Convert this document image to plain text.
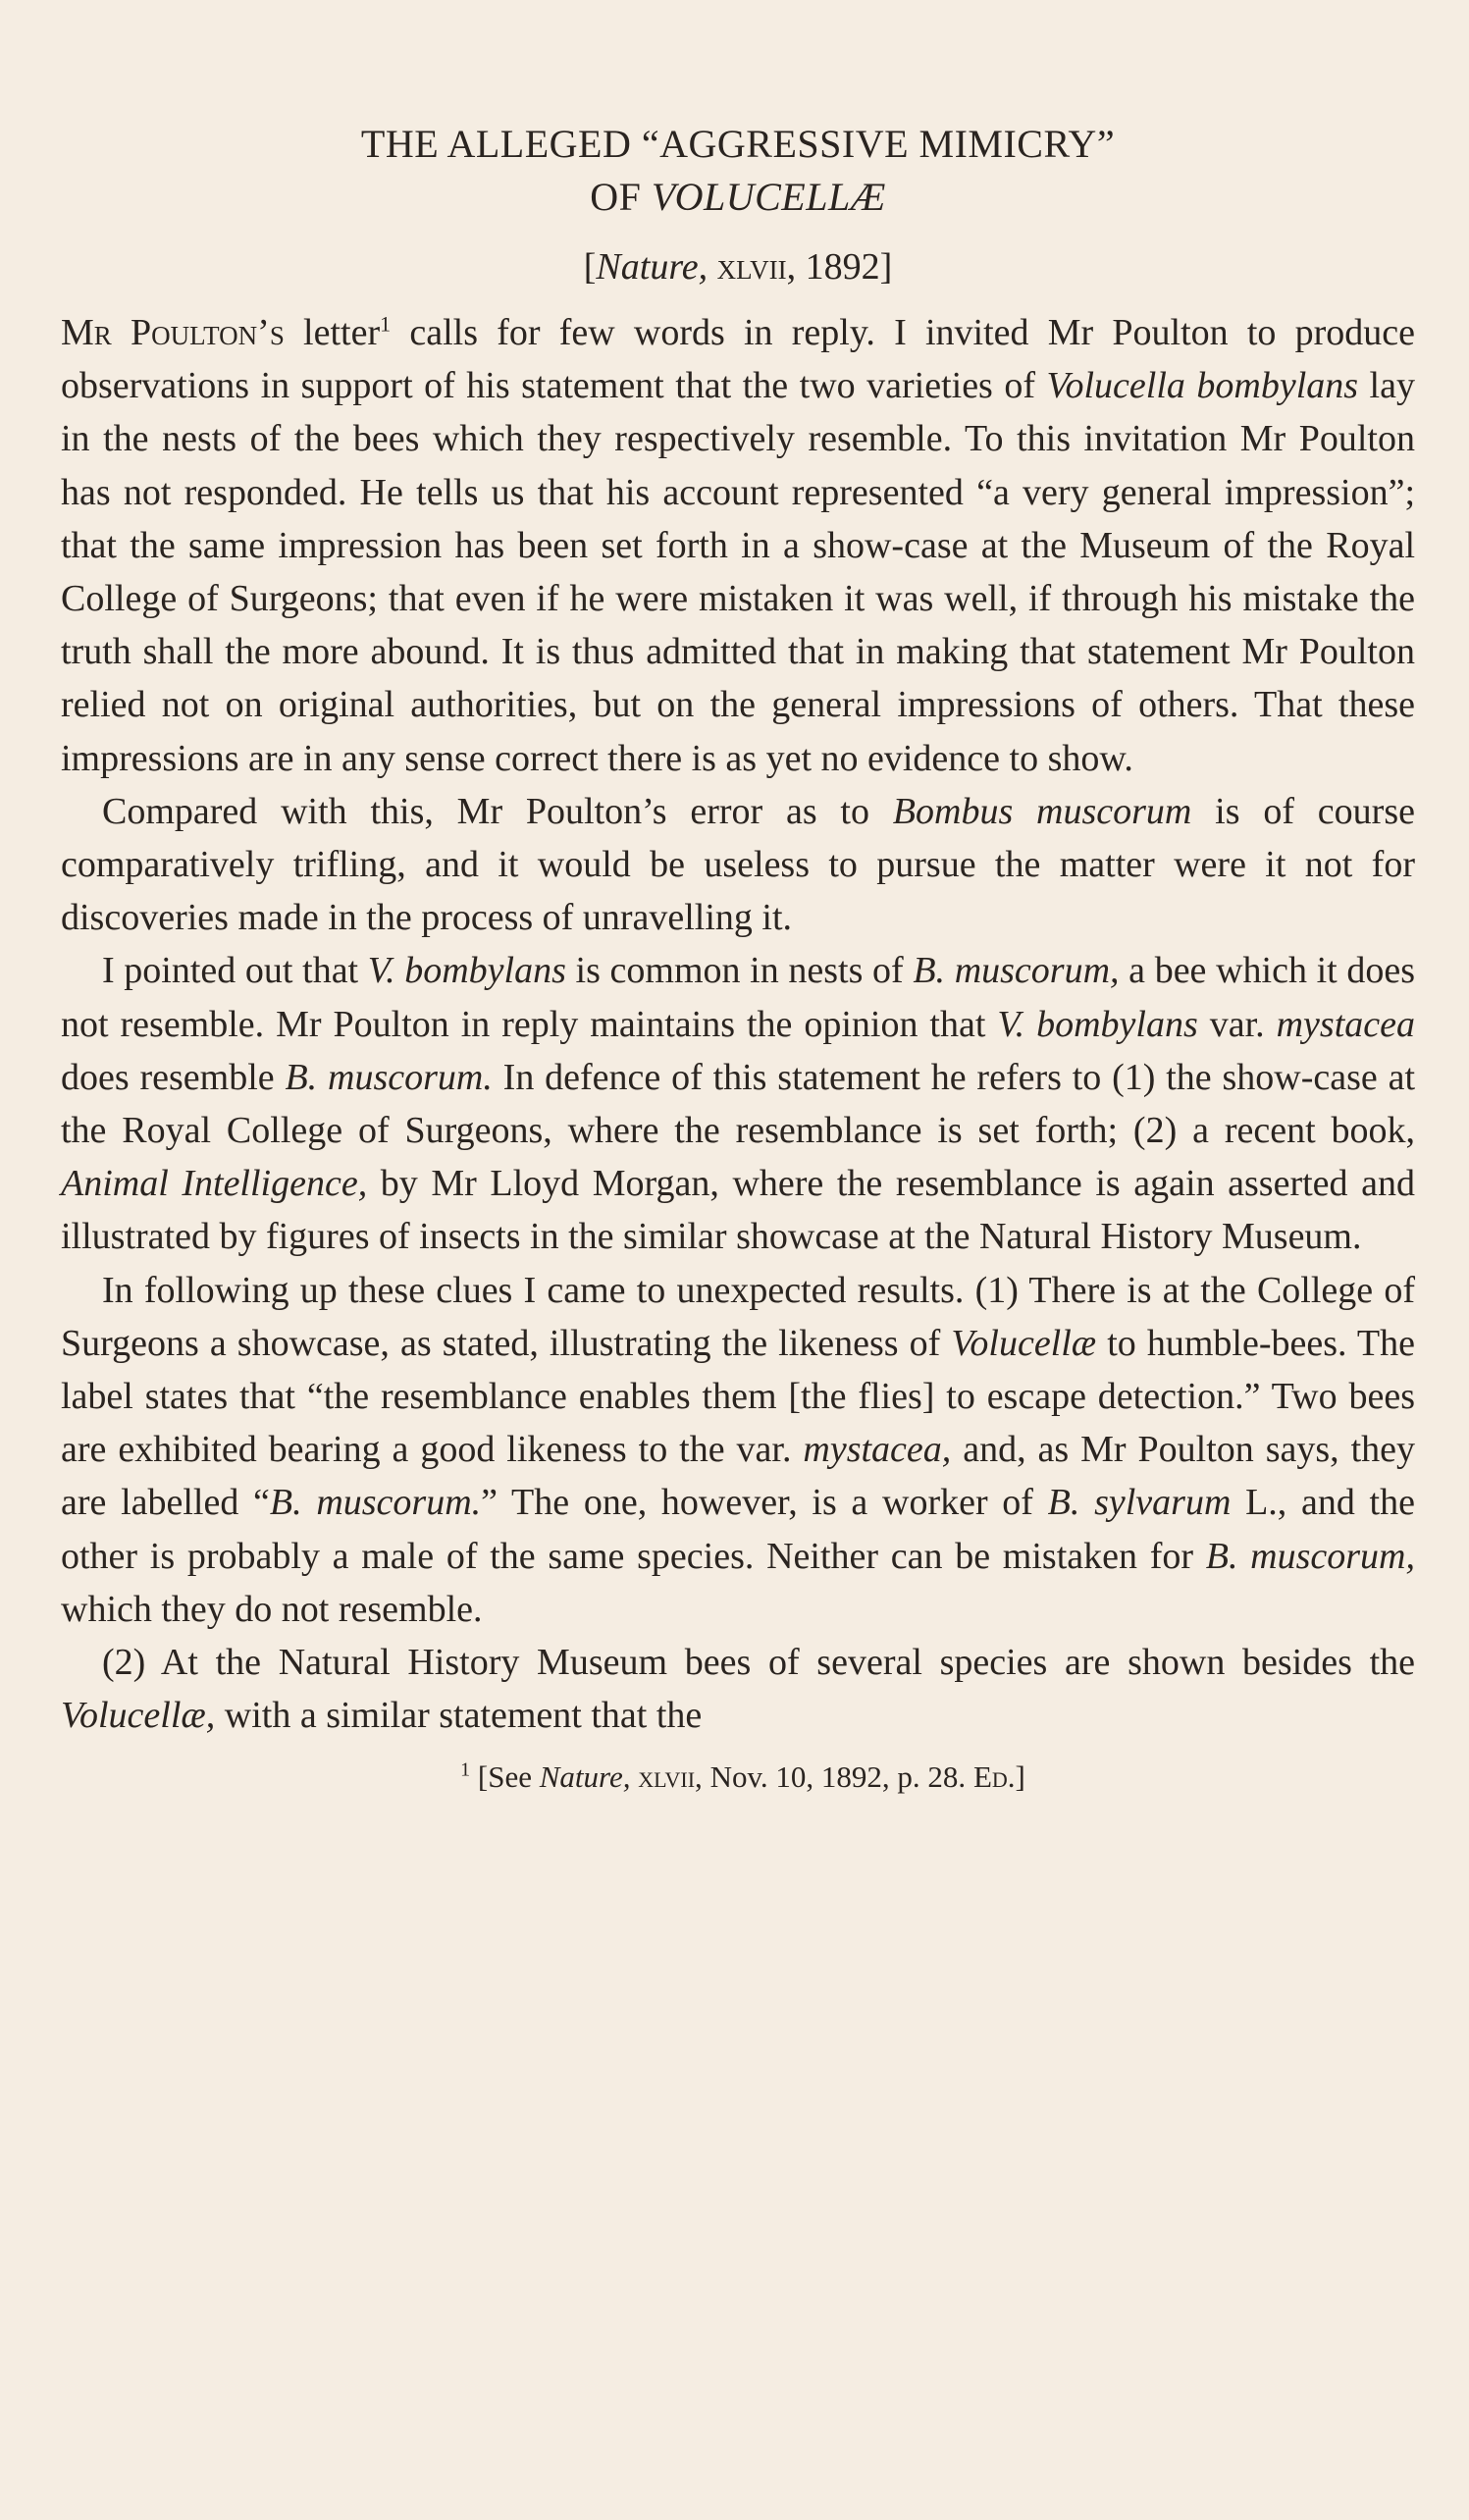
THE ALLEGED “AGGRESSIVE MIMICRY”
OF VOLUCELLÆ
[Nature, xlvii, 1892]

Mr Poulton’s letter$^1$ calls for few words in reply. I invited Mr Poulton to produce observations in support of his statement that the two varieties of Volucella bombylans lay in the nests of the bees which they respectively resemble. To this invitation Mr Poulton has not responded. He tells us that his account represented “a very general impression”; that the same impression has been set forth in a show-case at the Museum of the Royal College of Surgeons; that even if he were mistaken it was well, if through his mistake the truth shall the more abound. It is thus admitted that in making that statement Mr Poulton relied not on original authorities, but on the general impressions of others. That these impressions are in any sense correct there is as yet no evidence to show.

Compared with this, Mr Poulton’s error as to Bombus muscorum is of course comparatively trifling, and it would be useless to pursue the matter were it not for discoveries made in the process of unravelling it.

I pointed out that V. bombylans is common in nests of B. muscorum, a bee which it does not resemble. Mr Poulton in reply maintains the opinion that V. bombylans var. mystacea does resemble B. muscorum. In defence of this statement he refers to (1) the show-case at the Royal College of Surgeons, where the resemblance is set forth; (2) a recent book, Animal Intelligence, by Mr Lloyd Morgan, where the resemblance is again asserted and illustrated by figures of insects in the similar showcase at the Natural History Museum.

In following up these clues I came to unexpected results. (1) There is at the College of Surgeons a showcase, as stated, illustrating the likeness of Volucellæ to humble-bees. The label states that “the resemblance enables them [the flies] to escape detection.” Two bees are exhibited bearing a good likeness to the var. mystacea, and, as Mr Poulton says, they are labelled “B. muscorum.” The one, however, is a worker of B. sylvarum L., and the other is probably a male of the same species. Neither can be mistaken for B. muscorum, which they do not resemble.

(2) At the Natural History Museum bees of several species are shown besides the Volucellæ, with a similar statement that the

$^1$ [See Nature, xlvii, Nov. 10, 1892, p. 28. Ed.]
